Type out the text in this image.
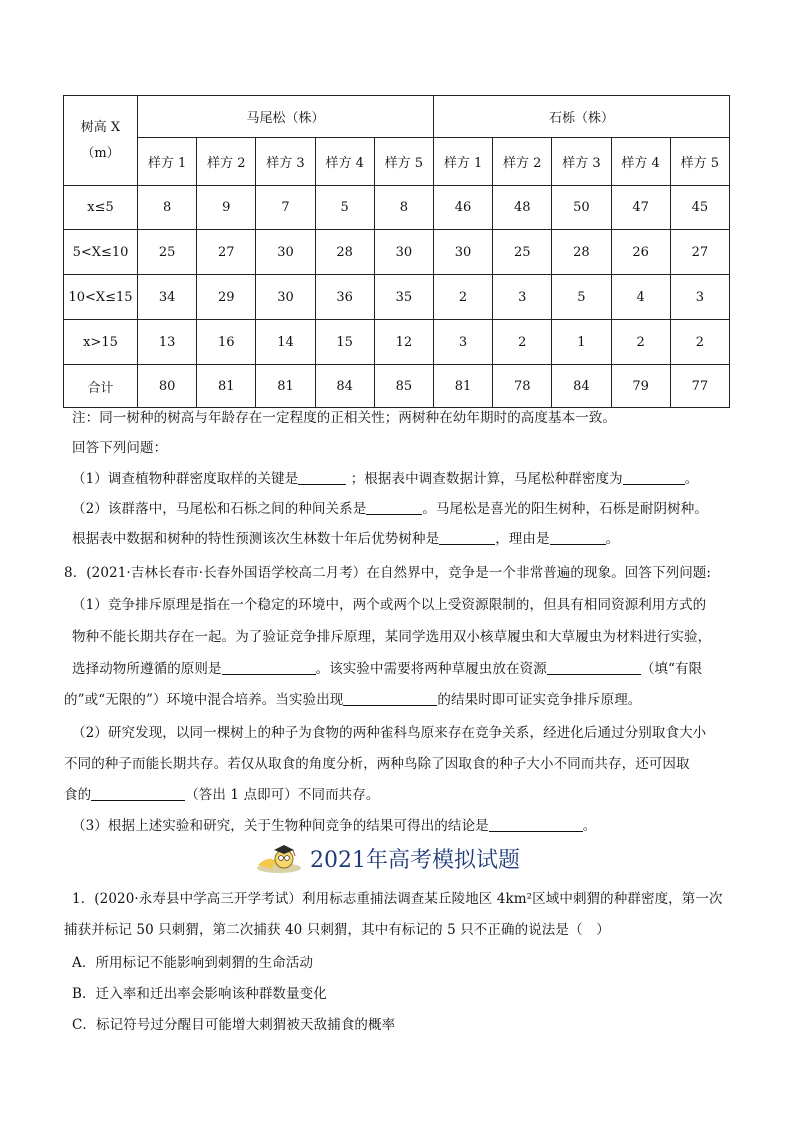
树高 X
（m）	马尾松（株）					石栎（株）				
	样方 1	样方 2	样方 3	样方 4	样方 5	样方 1	样方 2	样方 3	样方 4	样方 5
x≤5	8	9	7	5	8	46	48	50	47	45
5<X≤10	25	27	30	28	30	30	25	28	26	27
10<X≤15	34	29	30	36	35	2	3	5	4	3
x>15	13	16	14	15	12	3	2	1	2	2
合计	80	81	81	84	85	81	78	84	79	77
注：同一树种的树高与年龄存在一定程度的正相关性；两树种在幼年期时的高度基本一致。
回答下列问题：
（1）调查植物种群密度取样的关键是	；根据表中调查数据计算，马尾松种群密度为	。
（2）该群落中，马尾松和石栎之间的种间关系是	。马尾松是喜光的阳生树种，石栎是耐阴树种。
根据表中数据和树种的特性预测该次生林数十年后优势树种是	，理由是	。
8．(2021·吉林长春市·长春外国语学校高二月考）在自然界中，竞争是一个非常普遍的现象。回答下列问题:
（1）竞争排斥原理是指在一个稳定的环境中，两个或两个以上受资源限制的，但具有相同资源利用方式的
物种不能长期共存在一起。为了验证竞争排斥原理，某同学选用双小核草履虫和大草履虫为材料进行实验，
选择动物所遵循的原则是	。该实验中需要将两种草履虫放在资源	（填“有限
的”或“无限的”）环境中混合培养。当实验出现	的结果时即可证实竞争排斥原理。
（2）研究发现，以同一棵树上的种子为食物的两种雀科鸟原来存在竞争关系，经进化后通过分别取食大小
不同的种子而能长期共存。若仅从取食的角度分析，两种鸟除了因取食的种子大小不同而共存，还可因取
食的	（答出 1 点即可）不同而共存。
（3）根据上述实验和研究，关于生物种间竞争的结果可得出的结论是	。
2021年高考模拟试题
1．(2020·永寿县中学高三开学考试）利用标志重捕法调查某丘陵地区 4km²区域中刺猬的种群密度，第一次
捕获并标记 50 只刺猬，第二次捕获 40 只刺猬，其中有标记的 5 只不正确的说法是（　）
A．所用标记不能影响到刺猬的生命活动
B．迁入率和迁出率会影响该种群数量变化
C．标记符号过分醒目可能增大刺猬被天敌捕食的概率
